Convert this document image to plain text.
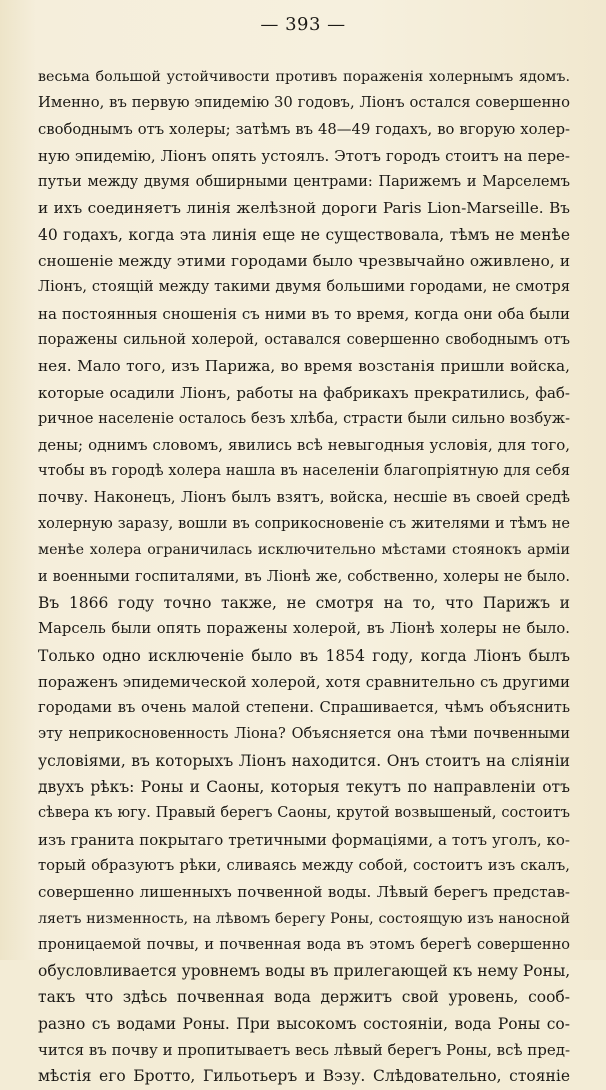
— 393 —
весьма большой устойчивости противъ пораженія холернымъ ядомъ.
Именно, въ первую эпидемію 30 годовъ, Ліонъ остался совершенно
свободнымъ отъ холеры; затѣмъ въ 48—49 годахъ, во вгорую холер-
ную эпидемію, Ліонъ опять устоялъ. Этотъ городъ стоитъ на пере-
путьи между двумя обширными центрами: Парижемъ и Марселемъ
и ихъ соединяетъ линія желѣзной дороги Paris Lion-Marseille. Въ
40 годахъ, когда эта линія еще не существовала, тѣмъ не менѣе
сношеніе между этими городами было чрезвычайно оживлено, и
Ліонъ, стоящій между такими двумя большими городами, не смотря
на постоянныя сношенія съ ними въ то время, когда они оба были
поражены сильной холерой, оставался совершенно свободнымъ отъ
нея. Мало того, изъ Парижа, во время возстанія пришли войска,
которые осадили Ліонъ, работы на фабрикахъ прекратились, фаб-
ричное населеніе осталось безъ хлѣба, страсти были сильно возбуж-
дены; однимъ словомъ, явились всѣ невыгодныя условія, для того,
чтобы въ городѣ холера нашла въ населеніи благопріятную для себя
почву. Наконецъ, Ліонъ былъ взятъ, войска, несшіе въ своей средѣ
холерную заразу, вошли въ соприкосновеніе съ жителями и тѣмъ не
менѣе холера ограничилась исключительно мѣстами стоянокъ арміи
и военными госпиталями, въ Ліонѣ же, собственно, холеры не было.
Въ 1866 году точно также, не смотря на то, что Парижъ и
Марсель были опять поражены холерой, въ Ліонѣ холеры не было.
Только одно исключеніе было въ 1854 году, когда Ліонъ былъ
пораженъ эпидемической холерой, хотя сравнительно съ другими
городами въ очень малой степени. Спрашивается, чѣмъ объяснить
эту неприкосновенность Ліона? Объясняется она тѣми почвенными
условіями, въ которыхъ Ліонъ находится. Онъ стоитъ на сліяніи
двухъ рѣкъ: Роны и Саоны, которыя текутъ по направленіи отъ
сѣвера къ югу. Правый берегъ Саоны, крутой возвышеный, состоитъ
изъ гранита покрытаго третичными формаціями, а тотъ уголъ, ко-
торый образуютъ рѣки, сливаясь между собой, состоитъ изъ скалъ,
совершенно лишенныхъ почвенной воды. Лѣвый берегъ представ-
ляетъ низменность, на лѣвомъ берегу Роны, состоящую изъ наносной
проницаемой почвы, и почвенная вода въ этомъ берегѣ совершенно
обусловливается уровнемъ воды въ прилегающей къ нему Роны,
такъ что здѣсь почвенная вода держитъ свой уровень, сооб-
разно съ водами Роны. При высокомъ состояніи, вода Роны со-
чится въ почву и пропитываетъ весь лѣвый берегъ Роны, всѣ пред-
мѣстія его Бротто, Гильотьеръ и Вэзу. Слѣдовательно, стояніе
